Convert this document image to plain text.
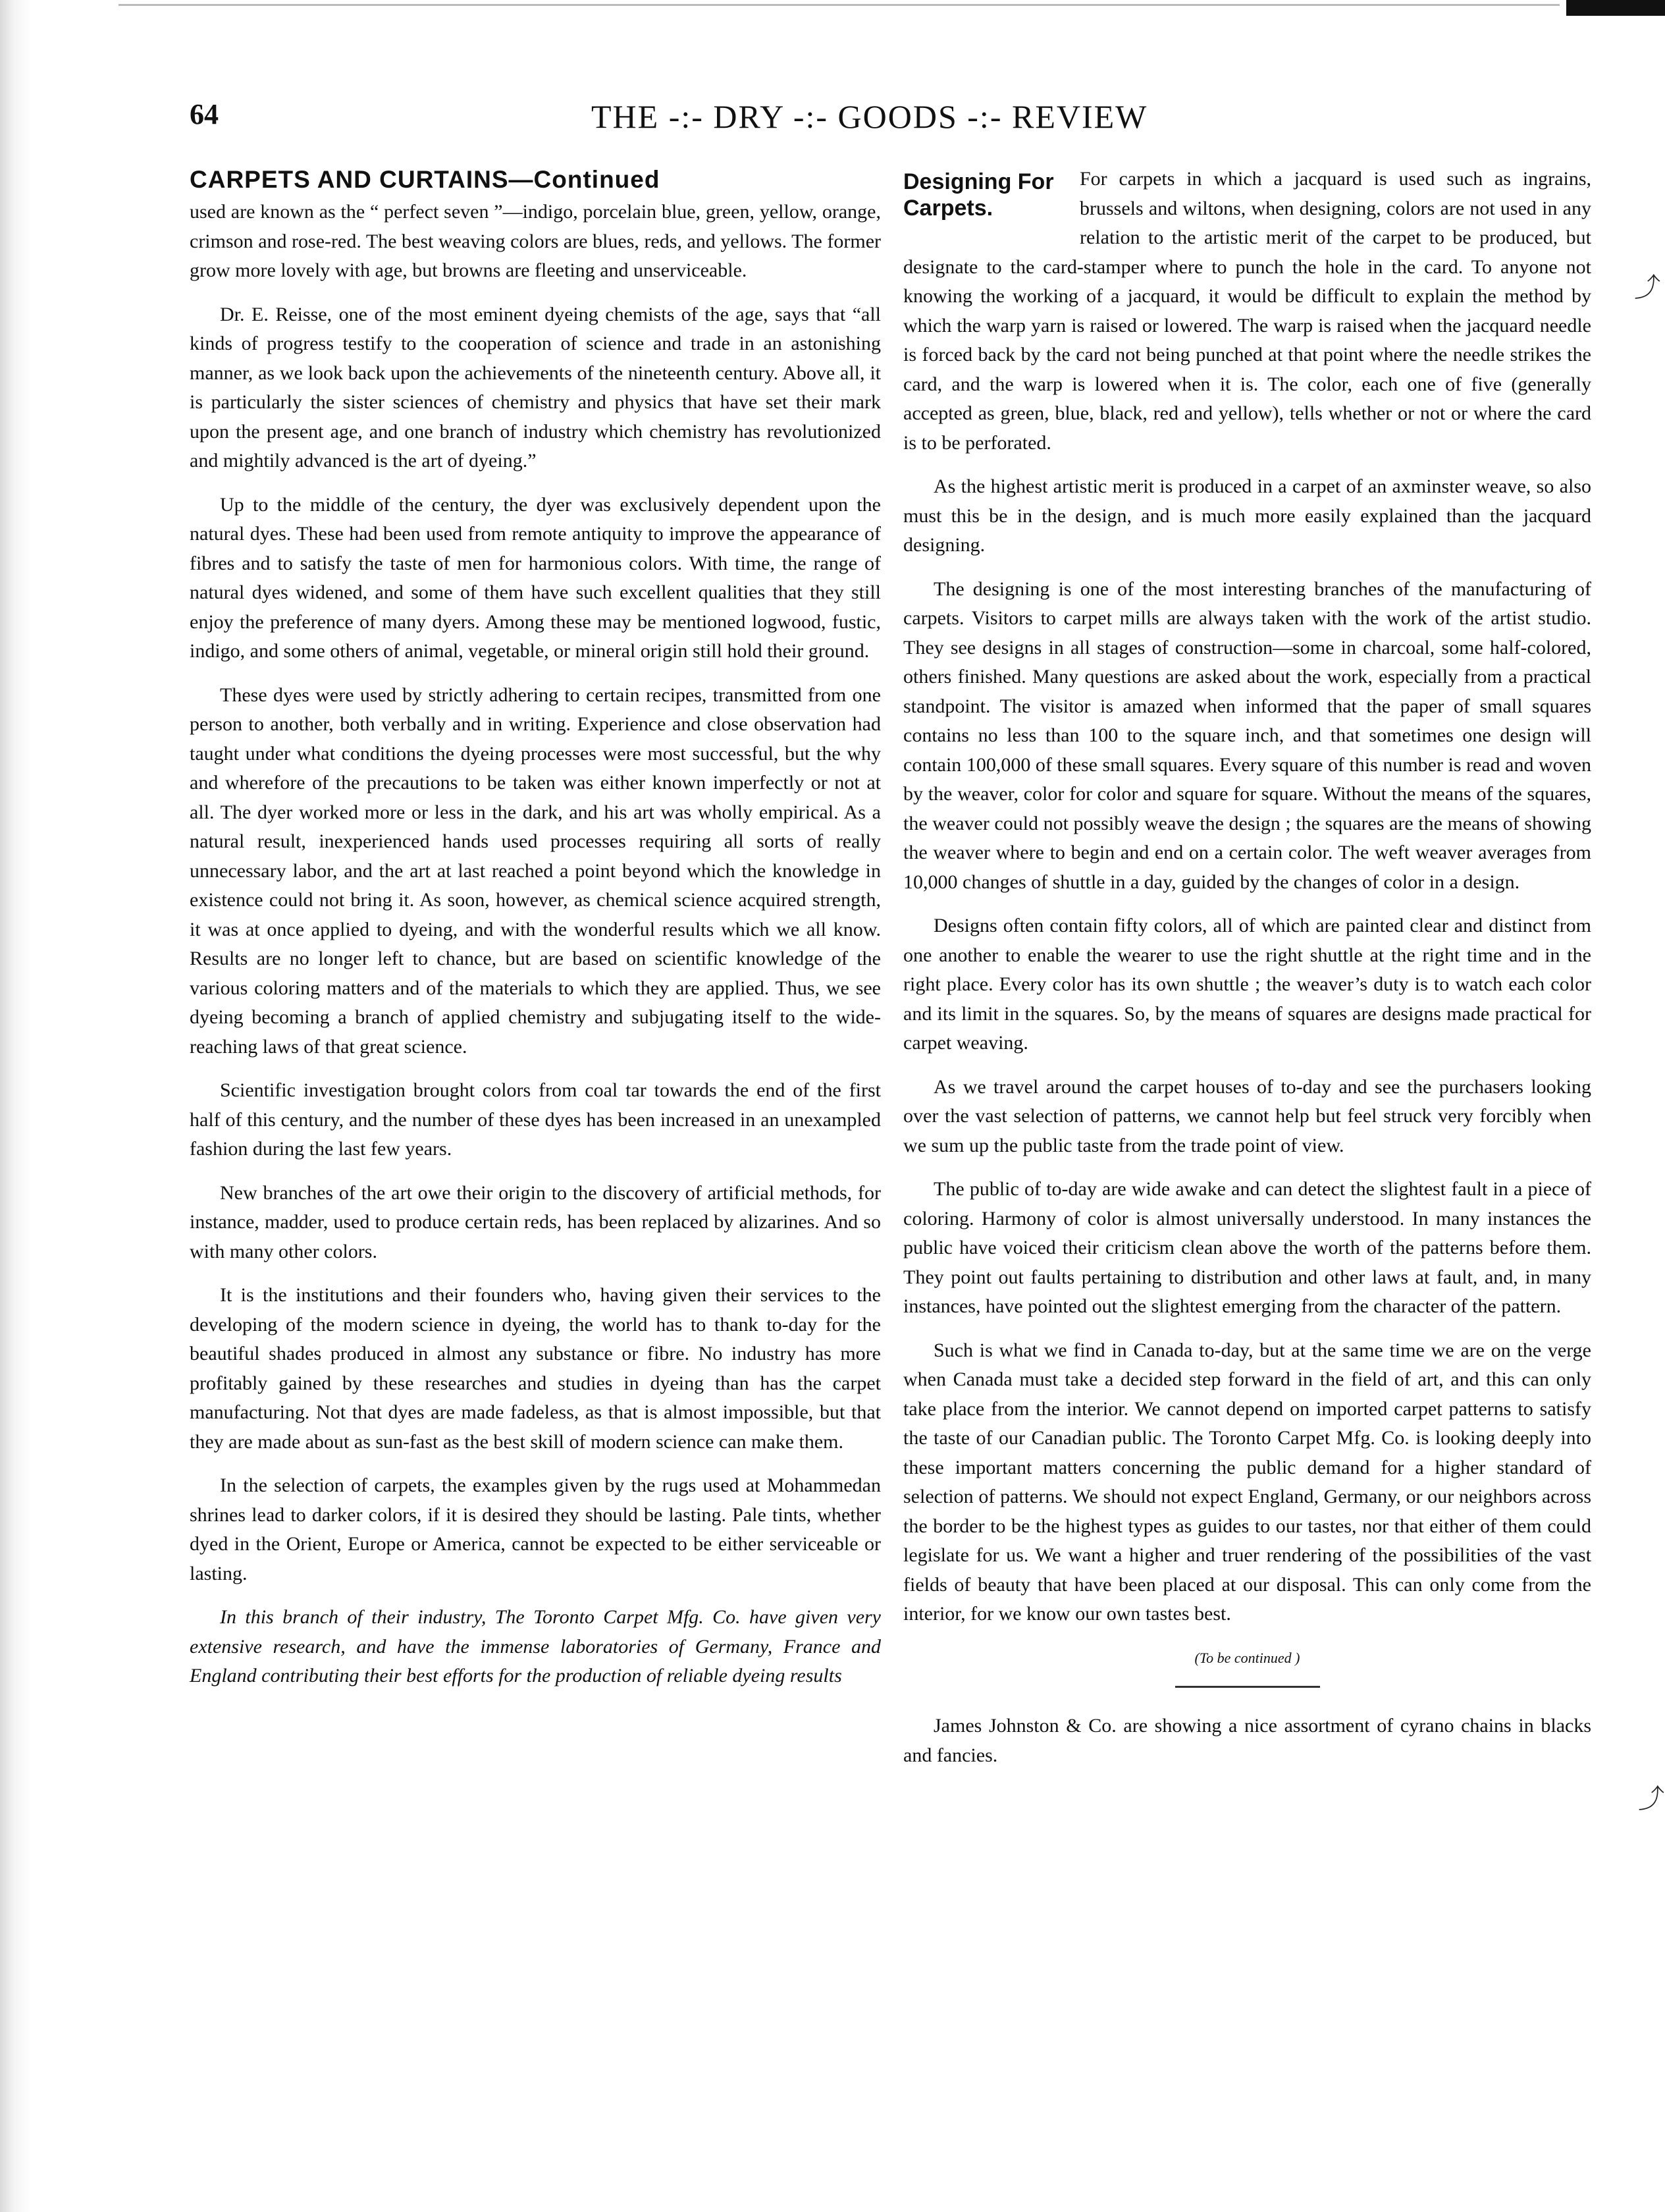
64	THE -:- DRY -:- GOODS -:- REVIEW
CARPETS AND CURTAINS—Continued

used are known as the “ perfect seven ”—indigo, porcelain blue, green, yellow, orange, crimson and rose-red. The best weaving colors are blues, reds, and yellows. The former grow more lovely with age, but browns are fleeting and unserviceable.

Dr. E. Reisse, one of the most eminent dyeing chemists of the age, says that “all kinds of progress testify to the cooperation of science and trade in an astonishing manner, as we look back upon the achievements of the nineteenth century. Above all, it is particularly the sister sciences of chemistry and physics that have set their mark upon the present age, and one branch of industry which chemistry has revolutionized and mightily advanced is the art of dyeing.”

Up to the middle of the century, the dyer was exclusively dependent upon the natural dyes. These had been used from remote antiquity to improve the appearance of fibres and to satisfy the taste of men for harmonious colors. With time, the range of natural dyes widened, and some of them have such excellent qualities that they still enjoy the preference of many dyers. Among these may be mentioned logwood, fustic, indigo, and some others of animal, vegetable, or mineral origin still hold their ground.

These dyes were used by strictly adhering to certain recipes, transmitted from one person to another, both verbally and in writing. Experience and close observation had taught under what conditions the dyeing processes were most successful, but the why and wherefore of the precautions to be taken was either known imperfectly or not at all. The dyer worked more or less in the dark, and his art was wholly empirical. As a natural result, inexperienced hands used processes requiring all sorts of really unnecessary labor, and the art at last reached a point beyond which the knowledge in existence could not bring it. As soon, however, as chemical science acquired strength, it was at once applied to dyeing, and with the wonderful results which we all know. Results are no longer left to chance, but are based on scientific knowledge of the various coloring matters and of the materials to which they are applied. Thus, we see dyeing becoming a branch of applied chemistry and subjugating itself to the wide-reaching laws of that great science.

Scientific investigation brought colors from coal tar towards the end of the first half of this century, and the number of these dyes has been increased in an unexampled fashion during the last few years.

New branches of the art owe their origin to the discovery of artificial methods, for instance, madder, used to produce certain reds, has been replaced by alizarines. And so with many other colors.

It is the institutions and their founders who, having given their services to the developing of the modern science in dyeing, the world has to thank to-day for the beautiful shades produced in almost any substance or fibre. No industry has more profitably gained by these researches and studies in dyeing than has the carpet manufacturing. Not that dyes are made fadeless, as that is almost impossible, but that they are made about as sun-fast as the best skill of modern science can make them.

In the selection of carpets, the examples given by the rugs used at Mohammedan shrines lead to darker colors, if it is desired they should be lasting. Pale tints, whether dyed in the Orient, Europe or America, cannot be expected to be either serviceable or lasting.

In this branch of their industry, The Toronto Carpet Mfg. Co. have given very extensive research, and have the immense laboratories of Germany, France and England contributing their best efforts for the production of reliable dyeing results

Designing For Carpets.

For carpets in which a jacquard is used such as ingrains, brussels and wiltons, when designing, colors are not used in any relation to the artistic merit of the carpet to be produced, but designate to the card-stamper where to punch the hole in the card. To anyone not knowing the working of a jacquard, it would be difficult to explain the method by which the warp yarn is raised or lowered. The warp is raised when the jacquard needle is forced back by the card not being punched at that point where the needle strikes the card, and the warp is lowered when it is. The color, each one of five (generally accepted as green, blue, black, red and yellow), tells whether or not or where the card is to be perforated.

As the highest artistic merit is produced in a carpet of an axminster weave, so also must this be in the design, and is much more easily explained than the jacquard designing.

The designing is one of the most interesting branches of the manufacturing of carpets. Visitors to carpet mills are always taken with the work of the artist studio. They see designs in all stages of construction—some in charcoal, some half-colored, others finished. Many questions are asked about the work, especially from a practical standpoint. The visitor is amazed when informed that the paper of small squares contains no less than 100 to the square inch, and that sometimes one design will contain 100,000 of these small squares. Every square of this number is read and woven by the weaver, color for color and square for square. Without the means of the squares, the weaver could not possibly weave the design ; the squares are the means of showing the weaver where to begin and end on a certain color. The weft weaver averages from 10,000 changes of shuttle in a day, guided by the changes of color in a design.

Designs often contain fifty colors, all of which are painted clear and distinct from one another to enable the wearer to use the right shuttle at the right time and in the right place. Every color has its own shuttle ; the weaver’s duty is to watch each color and its limit in the squares. So, by the means of squares are designs made practical for carpet weaving.

As we travel around the carpet houses of to-day and see the purchasers looking over the vast selection of patterns, we cannot help but feel struck very forcibly when we sum up the public taste from the trade point of view.

The public of to-day are wide awake and can detect the slightest fault in a piece of coloring. Harmony of color is almost universally understood. In many instances the public have voiced their criticism clean above the worth of the patterns before them. They point out faults pertaining to distribution and other laws at fault, and, in many instances, have pointed out the slightest emerging from the character of the pattern.

Such is what we find in Canada to-day, but at the same time we are on the verge when Canada must take a decided step forward in the field of art, and this can only take place from the interior. We cannot depend on imported carpet patterns to satisfy the taste of our Canadian public. The Toronto Carpet Mfg. Co. is looking deeply into these important matters concerning the public demand for a higher standard of selection of patterns. We should not expect England, Germany, or our neighbors across the border to be the highest types as guides to our tastes, nor that either of them could legislate for us. We want a higher and truer rendering of the possibilities of the vast fields of beauty that have been placed at our disposal. This can only come from the interior, for we know our own tastes best.

(To be continued )

James Johnston & Co. are showing a nice assortment of cyrano chains in blacks and fancies.

⤴
⤴
